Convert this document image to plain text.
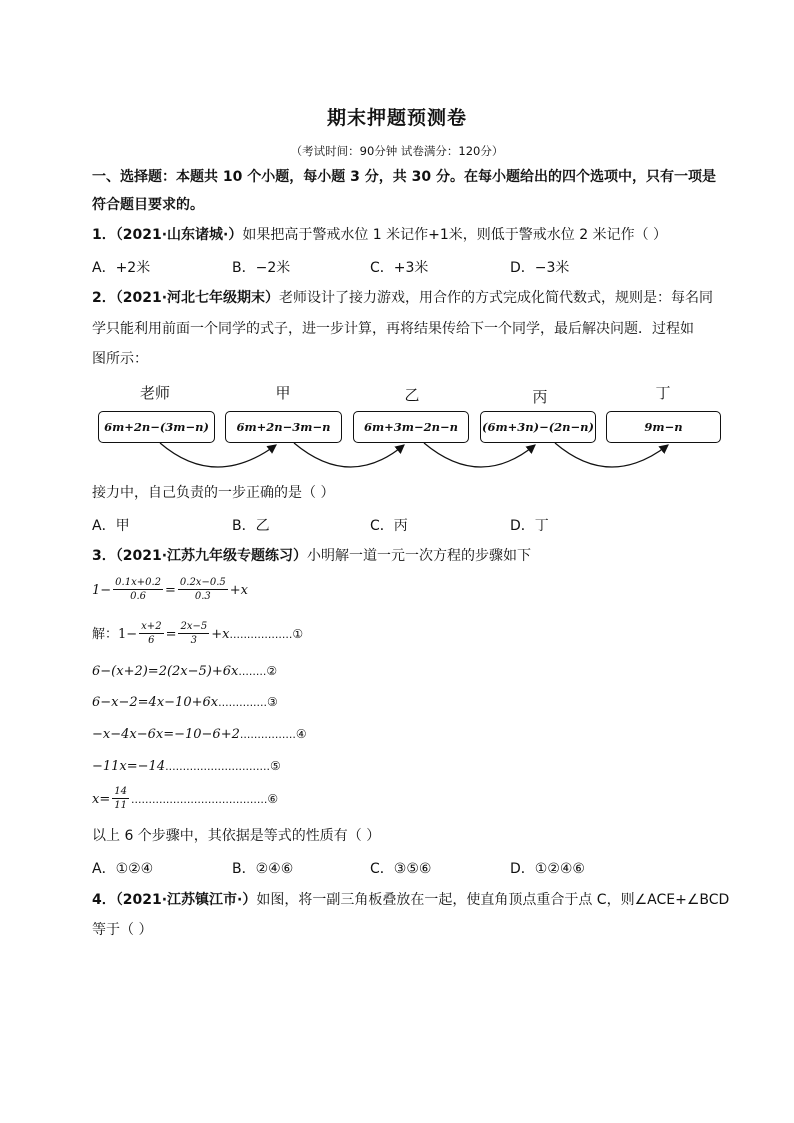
期末押题预测卷
（考试时间：90分钟 试卷满分：120分）
一、选择题：本题共 10 个小题，每小题 3 分，共 30 分。在每小题给出的四个选项中，只有一项是
符合题目要求的。
1．（2021·山东诸城·）如果把高于警戒水位 1 米记作+1米，则低于警戒水位 2 米记作（ ）
A．+2米	B．−2米	C．+3米	D．−3米
2．（2021·河北七年级期末）老师设计了接力游戏，用合作的方式完成化简代数式，规则是：每名同
学只能利用前面一个同学的式子，进一步计算，再将结果传给下一个同学，最后解决问题．过程如
图所示：
老师	甲	乙	丙	丁
6m+2n−(3m−n)	6m+2n−3m−n	6m+3m−2n−n	(6m+3n)−(2n−n)	9m−n
接力中，自己负责的一步正确的是（ ）
A．甲	B．乙	C．丙	D．丁
3．（2021·江苏九年级专题练习）小明解一道一元一次方程的步骤如下
$1- \frac{0.1x+0.2}{0.6} = \frac{0.2x-0.5}{0.3} +x$
解：$1- \frac{x+2}{6} = \frac{2x-5}{3}$ +x..................①
6−(x+2)=2(2x−5)+6x........②
6−x−2=4x−10+6x..............③
−x−4x−6x=−10−6+2................④
−11x=−14..............................⑤
$x= \frac{14}{11}$ .......................................⑥
以上 6 个步骤中，其依据是等式的性质有（ ）
A．①②④	B．②④⑥	C．③⑤⑥	D．①②④⑥
4．（2021·江苏镇江市·）如图，将一副三角板叠放在一起，使直角顶点重合于点 C，则∠ACE+∠BCD
等于（ ）
